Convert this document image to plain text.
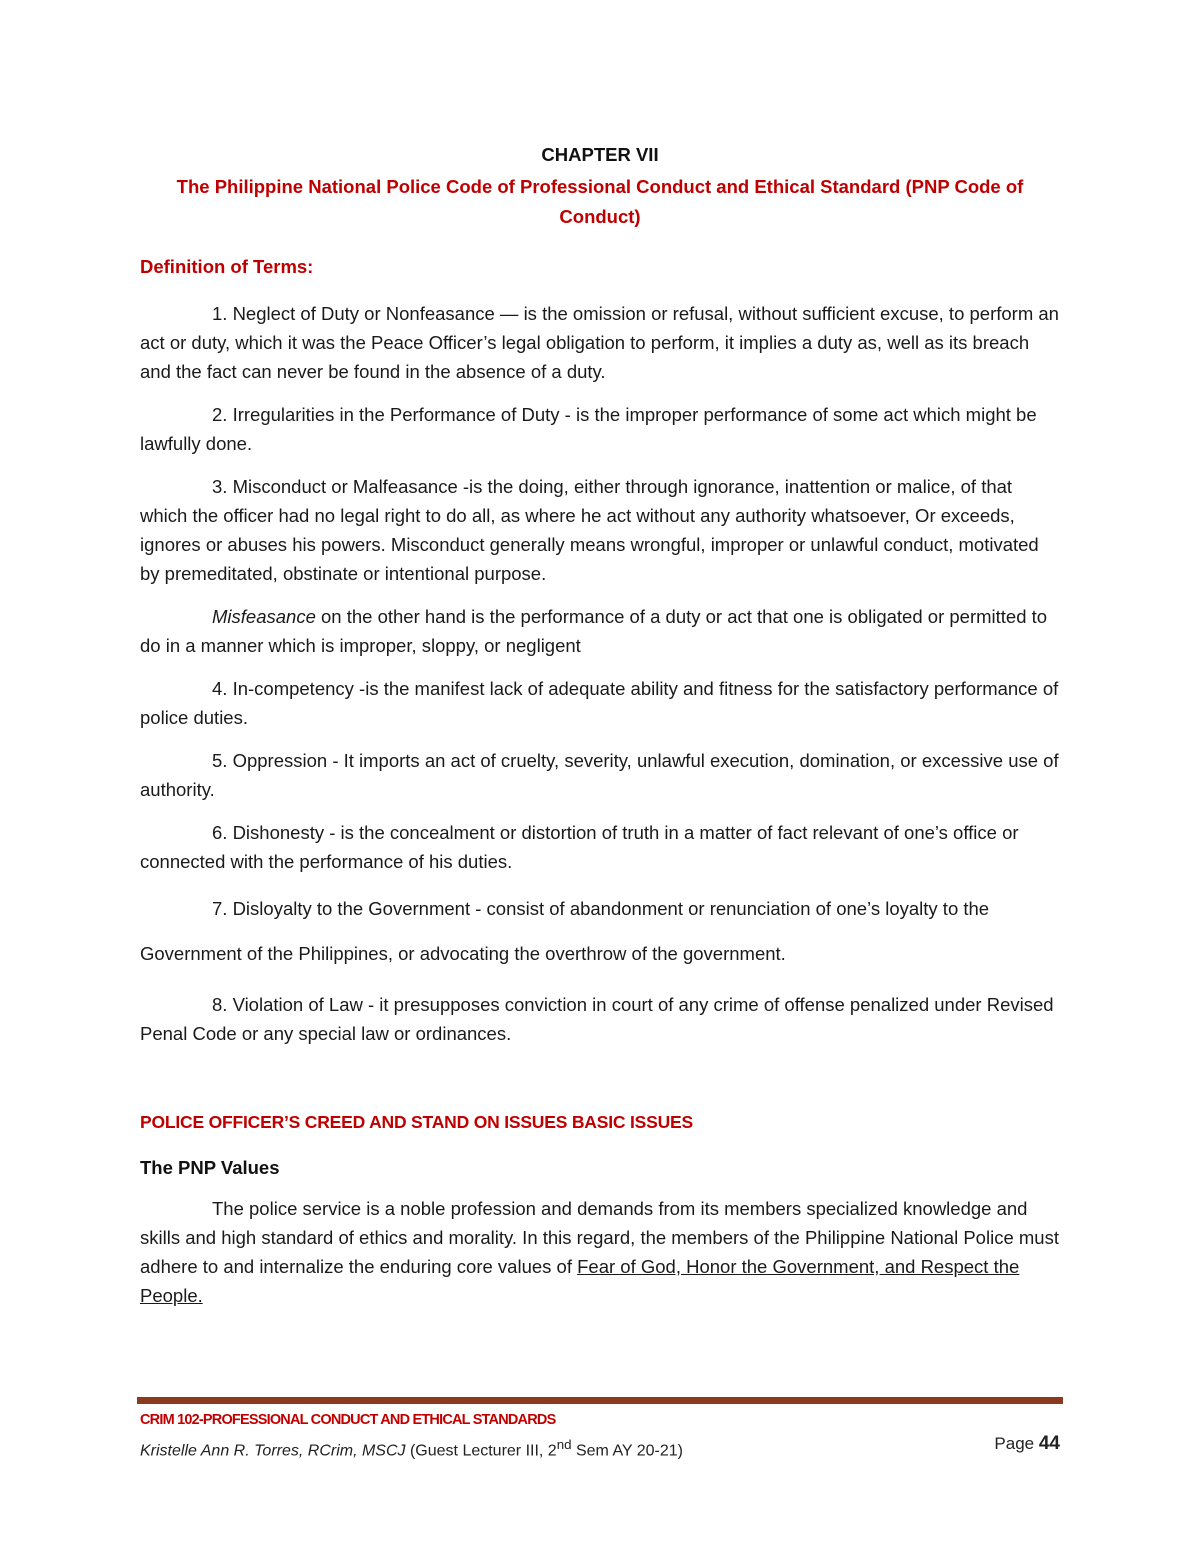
CHAPTER VII

The Philippine National Police Code of Professional Conduct and Ethical Standard (PNP Code of Conduct)

Definition of Terms:

1. Neglect of Duty or Nonfeasance — is the omission or refusal, without sufficient excuse, to perform an act or duty, which it was the Peace Officer’s legal obligation to perform, it implies a duty as, well as its breach and the fact can never be found in the absence of a duty.

2. Irregularities in the Performance of Duty - is the improper performance of some act which might be lawfully done.

3. Misconduct or Malfeasance -is the doing, either through ignorance, inattention or malice, of that which the officer had no legal right to do all, as where he act without any authority whatsoever, Or exceeds, ignores or abuses his powers. Misconduct generally means wrongful, improper or unlawful conduct, motivated by premeditated, obstinate or intentional purpose.

Misfeasance on the other hand is the performance of a duty or act that one is obligated or permitted to do in a manner which is improper, sloppy, or negligent

4. In-competency -is the manifest lack of adequate ability and fitness for the satisfactory performance of police duties.

5. Oppression - It imports an act of cruelty, severity, unlawful execution, domination, or excessive use of authority.

6. Dishonesty - is the concealment or distortion of truth in a matter of fact relevant of one’s office or connected with the performance of his duties.

7. Disloyalty to the Government - consist of abandonment or renunciation of one’s loyalty to the Government of the Philippines, or advocating the overthrow of the government.

8. Violation of Law - it presupposes conviction in court of any crime of offense penalized under Revised Penal Code or any special law or ordinances.

POLICE OFFICER’S CREED AND STAND ON ISSUES BASIC ISSUES

The PNP Values

The police service is a noble profession and demands from its members specialized knowledge and skills and high standard of ethics and morality. In this regard, the members of the Philippine National Police must adhere to and internalize the enduring core values of Fear of God, Honor the Government, and Respect the People.

CRIM 102-PROFESSIONAL CONDUCT AND ETHICAL STANDARDS
Kristelle Ann R. Torres, RCrim, MSCJ (Guest Lecturer III, 2nd Sem AY 20-21)	Page 44
